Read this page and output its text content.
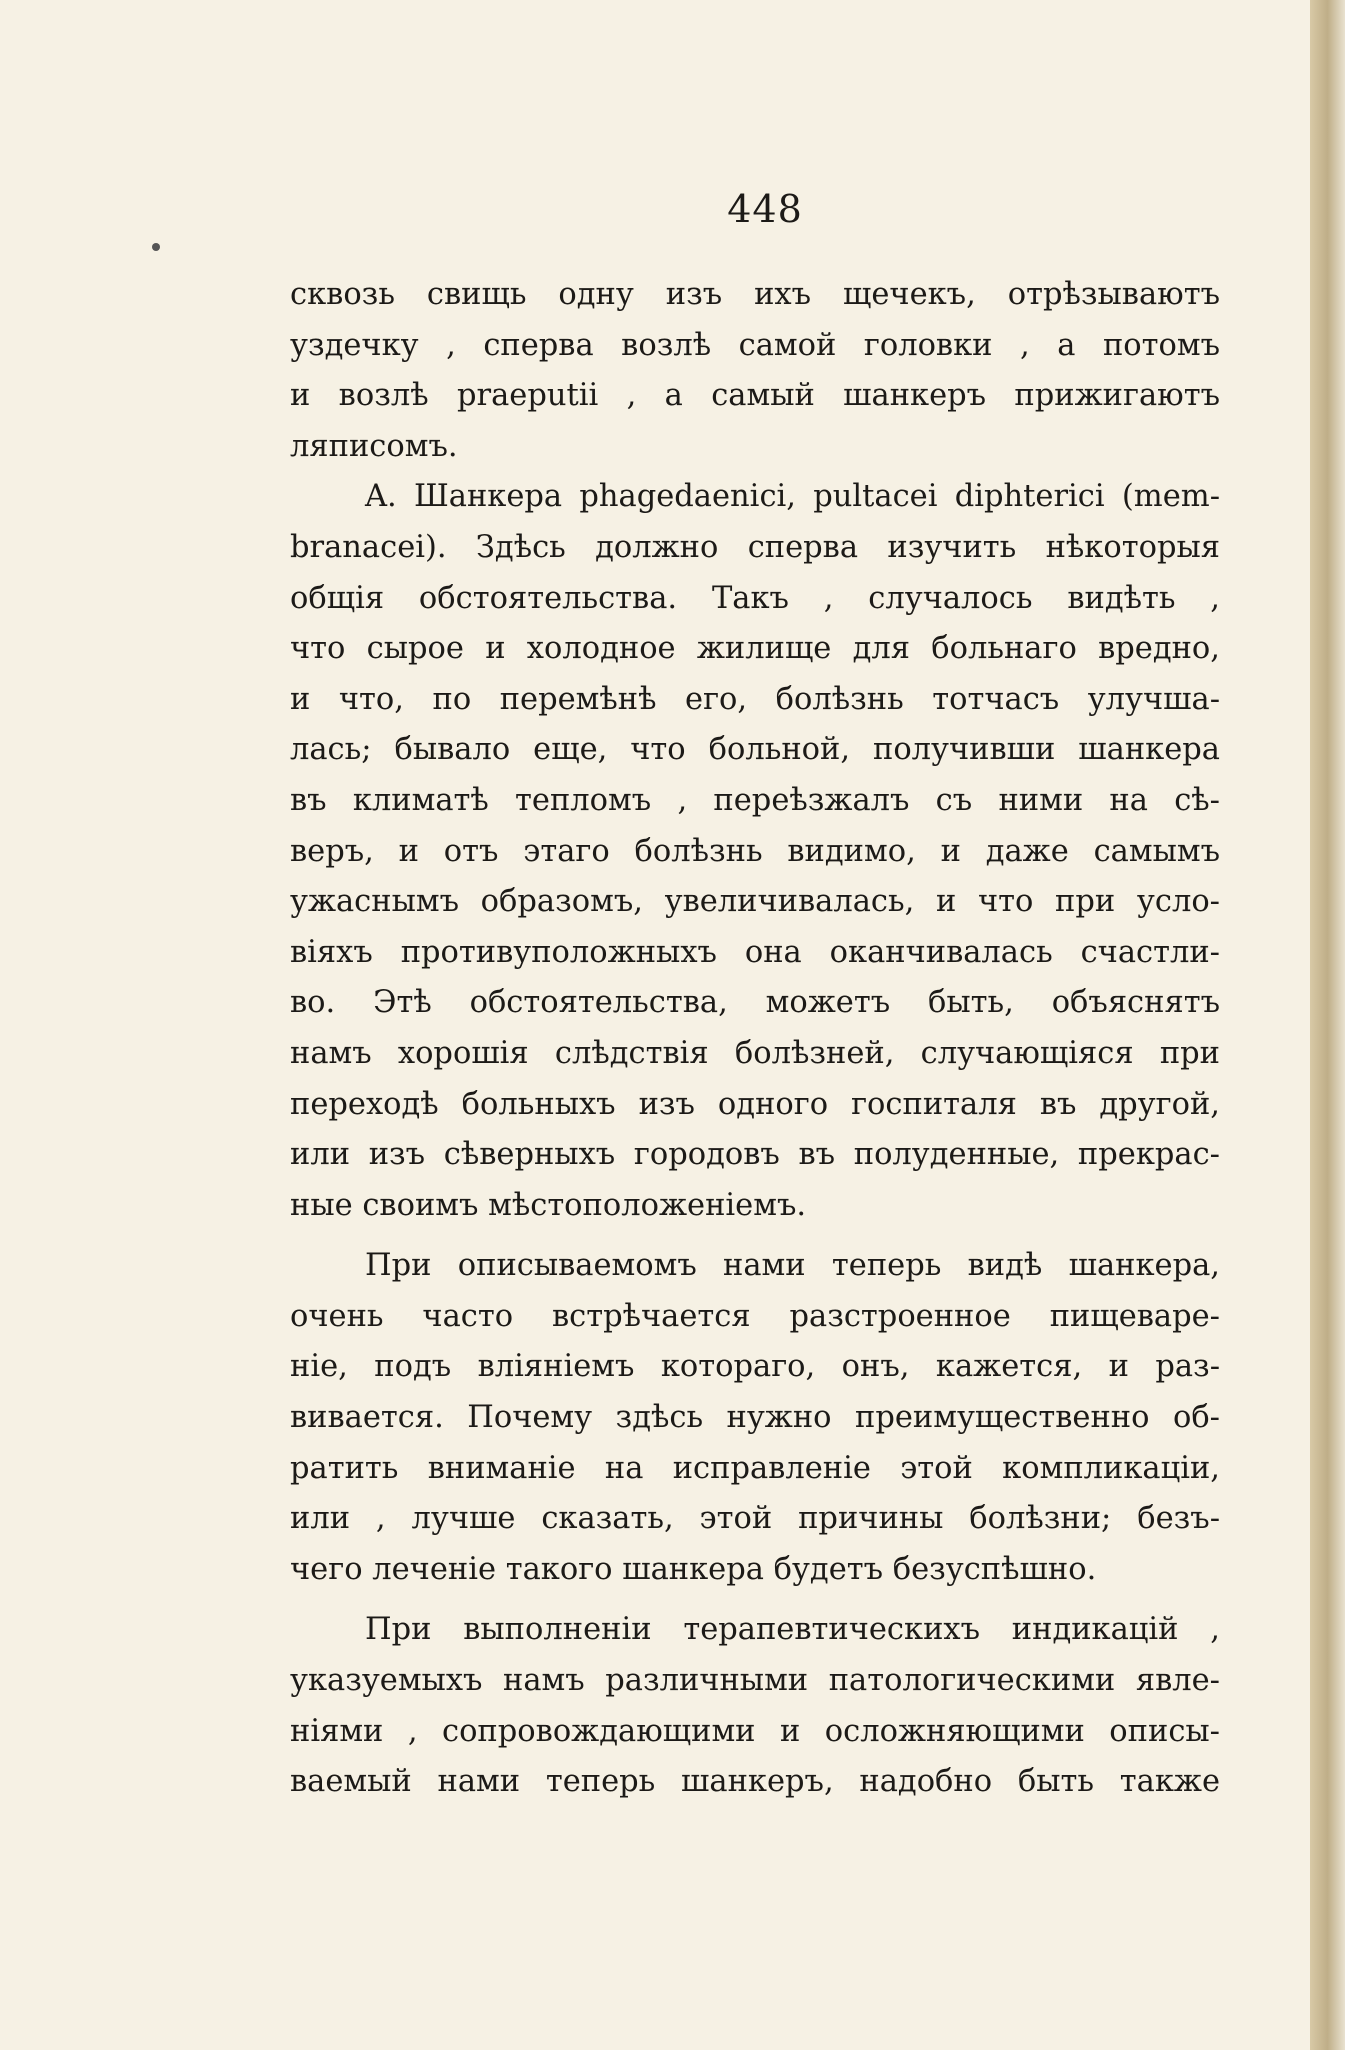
448
сквозь свищь одну изъ ихъ щечекъ, отрѣзываютъ
уздечку , сперва возлѣ самой головки , а потомъ
и возлѣ praeputii , а самый шанкеръ прижигаютъ
ляписомъ.
A. Шанкера phagedaenici, pultacei diphterici (mem-
branacei). Здѣсь должно сперва изучить нѣкоторыя
общія обстоятельства. Такъ , случалось видѣть ,
что сырое и холодное жилище для больнаго вредно,
и что, по перемѣнѣ его, болѣзнь тотчасъ улучша-
лась; бывало еще, что больной, получивши шанкера
въ климатѣ тепломъ , переѣзжалъ съ ними на сѣ-
веръ, и отъ этаго болѣзнь видимо, и даже самымъ
ужаснымъ образомъ, увеличивалась, и что при усло-
віяхъ противуположныхъ она оканчивалась счастли-
во. Этѣ обстоятельства, можетъ быть, объяснятъ
намъ хорошія слѣдствія болѣзней, случающіяся при
переходѣ больныхъ изъ одного госпиталя въ другой,
или изъ сѣверныхъ городовъ въ полуденные, прекрас-
ные своимъ мѣстоположеніемъ.
При описываемомъ нами теперь видѣ шанкера,
очень часто встрѣчается разстроенное пищеваре-
ніе, подъ вліяніемъ котораго, онъ, кажется, и раз-
вивается. Почему здѣсь нужно преимущественно об-
ратить вниманіе на исправленіе этой компликаціи,
или , лучше сказать, этой причины болѣзни; безъ-
чего леченіе такого шанкера будетъ безуспѣшно.
При выполненіи терапевтическихъ индикацій ,
указуемыхъ намъ различными патологическими явле-
ніями , сопровождающими и осложняющими описы-
ваемый нами теперь шанкеръ, надобно быть также
